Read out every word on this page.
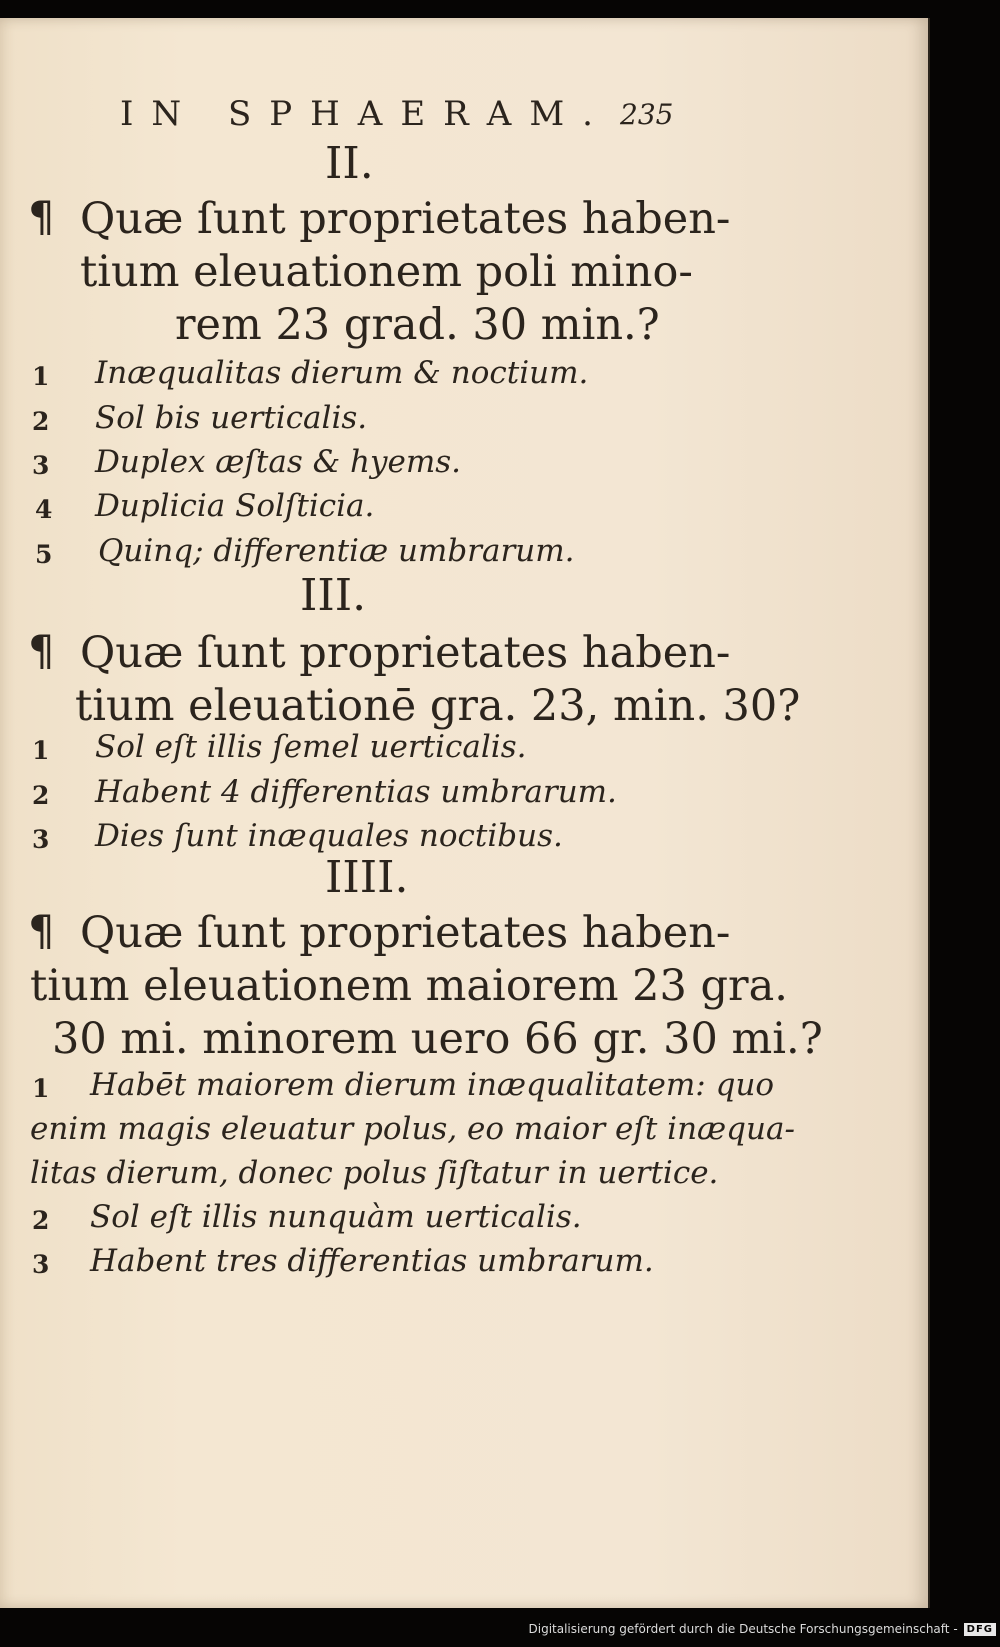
IN SPHAERAM. 235
II.
¶ Quæ ſunt proprietates haben-
tium eleuationem poli mino-
rem 23 grad. 30 min.?
1 Inæqualitas dierum & noctium.
2 Sol bis uerticalis.
3 Duplex æſtas & hyems.
4 Duplicia Solſticia.
5 Quinq; differentiæ umbrarum.
III.
¶ Quæ ſunt proprietates haben-
tium eleuationē gra. 23, min. 30?
1 Sol eſt illis ſemel uerticalis.
2 Habent 4 differentias umbrarum.
3 Dies ſunt inæquales noctibus.
IIII.
¶ Quæ ſunt proprietates haben-
tium eleuationem maiorem 23 gra.
30 mi. minorem uero 66 gr. 30 mi.?
1 Habēt maiorem dierum inæqualitatem: quo
enim magis eleuatur polus, eo maior eſt inæqua-
litas dierum, donec polus ſiſtatur in uertice.
2 Sol eſt illis nunquàm uerticalis.
3 Habent tres differentias umbrarum.
Digitalisierung gefördert durch die Deutsche Forschungsgemeinschaft - DFG
